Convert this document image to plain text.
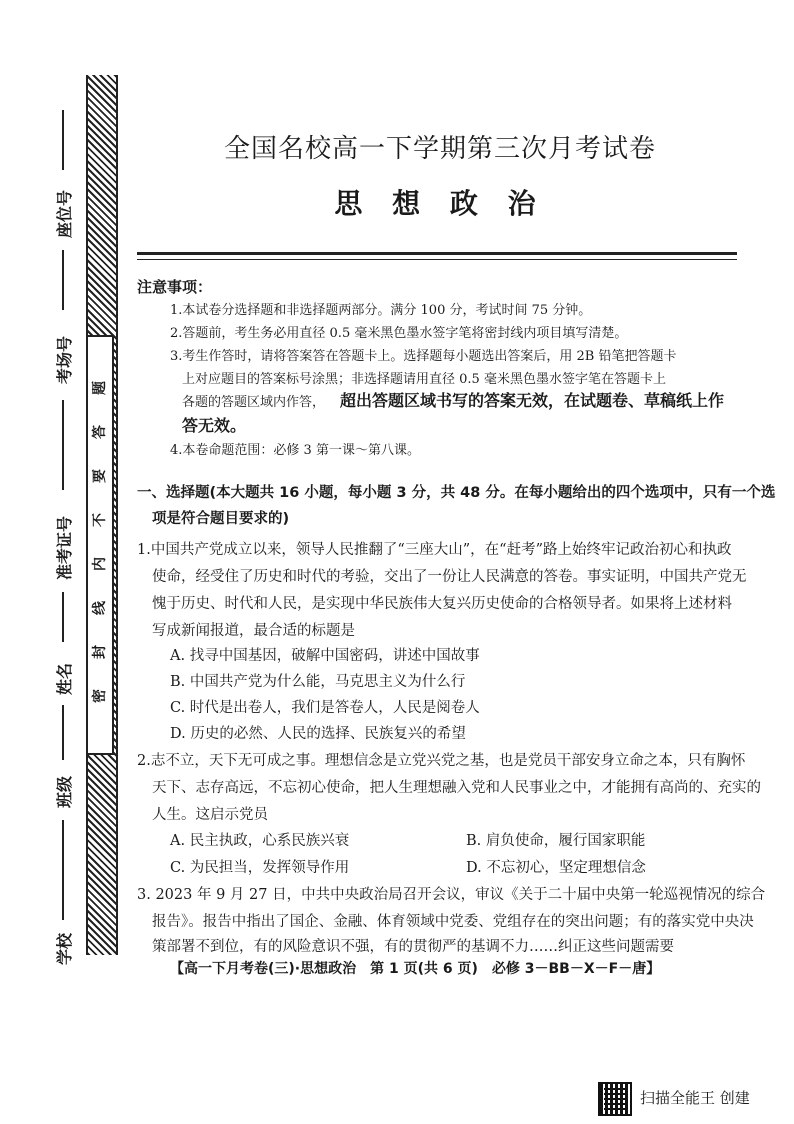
座位号
考场号
准考证号
姓名
班级
学校
题
答
要
不
内
线
封
密
全国名校高一下学期第三次月考试卷
思 想 政 治
注意事项：
1.本试卷分选择题和非选择题两部分。满分 100 分，考试时间 75 分钟。
2.答题前，考生务必用直径 0.5 毫米黑色墨水签字笔将密封线内项目填写清楚。
3.考生作答时，请将答案答在答题卡上。选择题每小题选出答案后，用 2B 铅笔把答题卡
上对应题目的答案标号涂黑；非选择题请用直径 0.5 毫米黑色墨水签字笔在答题卡上
各题的答题区域内作答， 超出答题区域书写的答案无效，在试题卷、草稿纸上作
答无效。
4.本卷命题范围：必修 3 第一课～第八课。
一、选择题(本大题共 16 小题，每小题 3 分，共 48 分。在每小题给出的四个选项中，只有一个选
项是符合题目要求的)
1.中国共产党成立以来，领导人民推翻了“三座大山”，在“赶考”路上始终牢记政治初心和执政
使命，经受住了历史和时代的考验，交出了一份让人民满意的答卷。事实证明，中国共产党无
愧于历史、时代和人民，是实现中华民族伟大复兴历史使命的合格领导者。如果将上述材料
写成新闻报道，最合适的标题是
A. 找寻中国基因，破解中国密码，讲述中国故事
B. 中国共产党为什么能，马克思主义为什么行
C. 时代是出卷人，我们是答卷人，人民是阅卷人
D. 历史的必然、人民的选择、民族复兴的希望
2.志不立，天下无可成之事。理想信念是立党兴党之基，也是党员干部安身立命之本，只有胸怀
天下、志存高远，不忘初心使命，把人生理想融入党和人民事业之中，才能拥有高尚的、充实的
人生。这启示党员
A. 民主执政，心系民族兴衰	B. 肩负使命，履行国家职能
C. 为民担当，发挥领导作用	D. 不忘初心，坚定理想信念
3. 2023 年 9 月 27 日，中共中央政治局召开会议，审议《关于二十届中央第一轮巡视情况的综合
报告》。报告中指出了国企、金融、体育领域中党委、党组存在的突出问题；有的落实党中央决
策部署不到位，有的风险意识不强，有的贯彻严的基调不力……纠正这些问题需要
【高一下月考卷(三)·思想政治　第 1 页(共 6 页)　必修 3－BB－X－F－唐】
扫描全能王 创建
